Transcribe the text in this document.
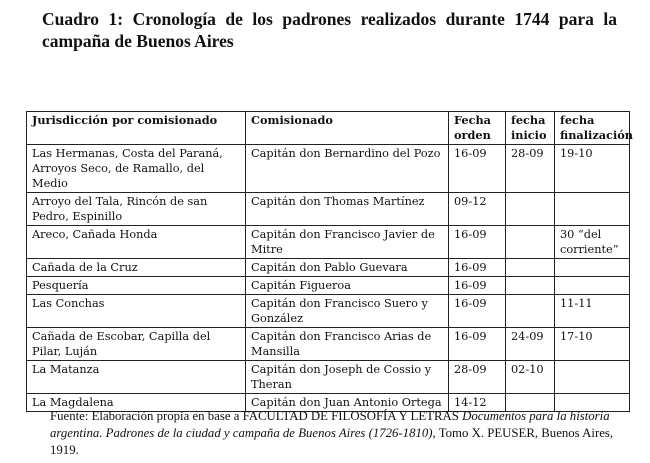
Cuadro 1: Cronología de los padrones realizados durante 1744 para la campaña de Buenos Aires
Jurisdicción por comisionado	Comisionado	Fecha orden	fecha inicio	fecha finalización
Las Hermanas, Costa del Paraná, Arroyos Seco, de Ramallo, del Medio	Capitán don Bernardino del Pozo	16-09	28-09	19-10
Arroyo del Tala, Rincón de san Pedro, Espinillo	Capitán don Thomas Martínez	09-12		
Areco, Cañada Honda	Capitán don Francisco Javier de Mitre	16-09		30 “del corriente”
Cañada de la Cruz	Capitán don Pablo Guevara	16-09		
Pesquería	Capitán Figueroa	16-09		
Las Conchas	Capitán don Francisco Suero y González	16-09		11-11
Cañada de Escobar, Capilla del Pilar, Luján	Capitán don Francisco Arias de Mansilla	16-09	24-09	17-10
La Matanza	Capitán don Joseph de Cossio y Theran	28-09	02-10	
La Magdalena	Capitán don Juan Antonio Ortega	14-12		
Fuente: Elaboración propia en base a FACULTAD DE FILOSOFÍA Y LETRAS Documentos para la historia argentina. Padrones de la ciudad y campaña de Buenos Aires (1726-1810), Tomo X. PEUSER, Buenos Aires, 1919.
